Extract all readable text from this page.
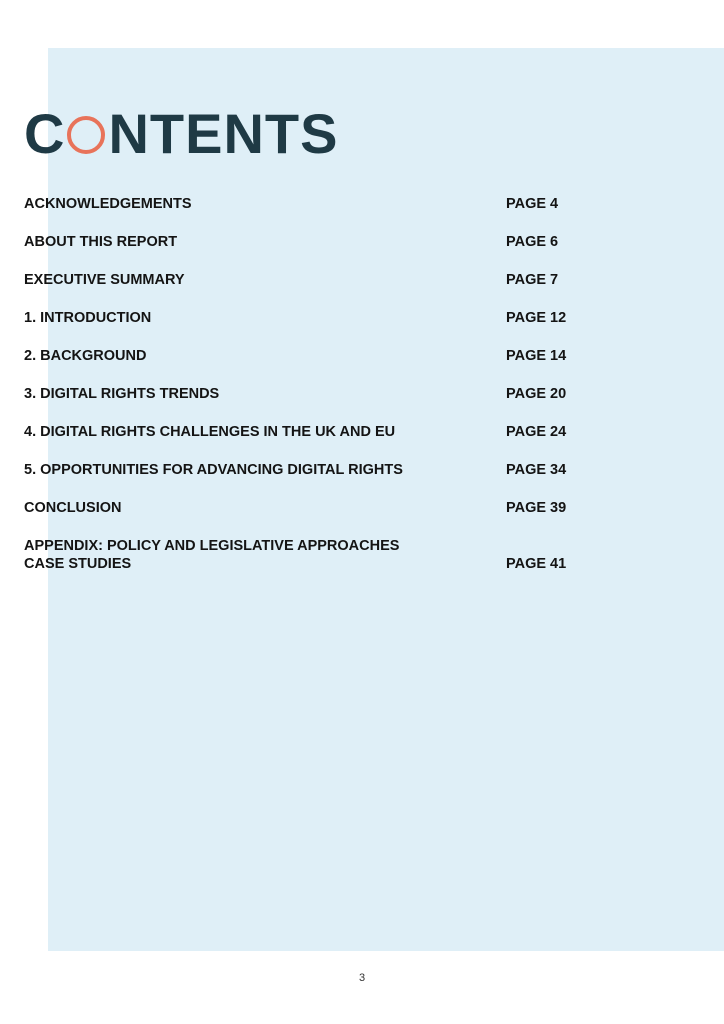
C NTENTS
ACKNOWLEDGEMENTS	PAGE 4
ABOUT THIS REPORT	PAGE 6
EXECUTIVE SUMMARY	PAGE 7
1. INTRODUCTION	PAGE 12
2. BACKGROUND	PAGE 14
3. DIGITAL RIGHTS TRENDS	PAGE 20
4. DIGITAL RIGHTS CHALLENGES IN THE UK AND EU	PAGE 24
5. OPPORTUNITIES FOR ADVANCING DIGITAL RIGHTS	PAGE 34
CONCLUSION	PAGE 39
APPENDIX: POLICY AND LEGISLATIVE APPROACHES
CASE STUDIES	PAGE 41
3
